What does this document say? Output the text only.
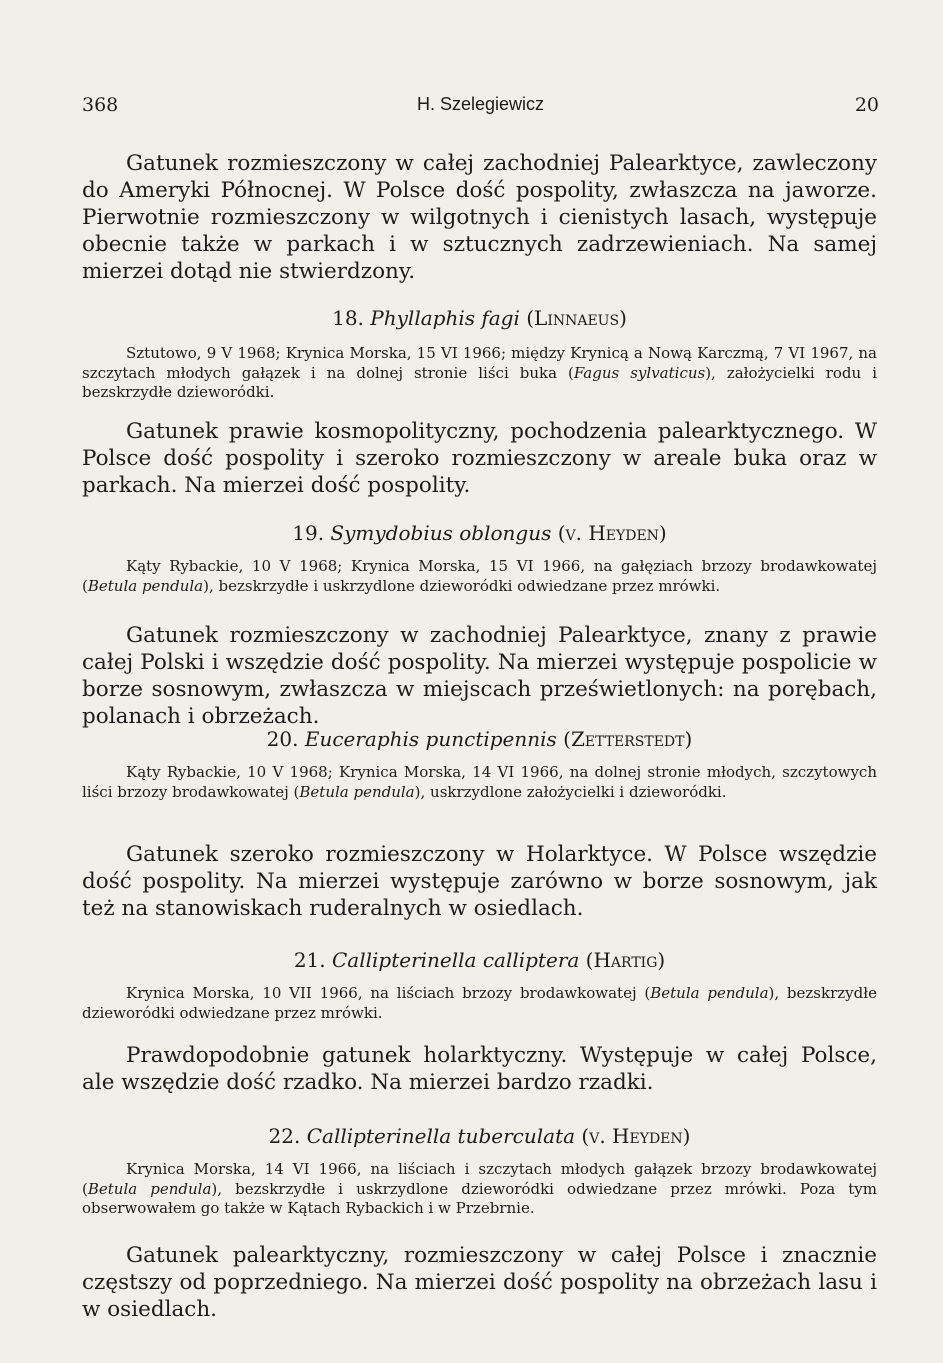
368	H. Szelegiewicz	20

Gatunek rozmieszczony w całej zachodniej Palearktyce, zawleczony do Ameryki Północnej. W Polsce dość pospolity, zwłaszcza na jaworze. Pierwotnie rozmieszczony w wilgotnych i cienistych lasach, występuje obecnie także w parkach i w sztucznych zadrzewieniach. Na samej mierzei dotąd nie stwierdzony.

18. Phyllaphis fagi (Linnaeus)

Sztutowo, 9 V 1968; Krynica Morska, 15 VI 1966; między Krynicą a Nową Karczmą, 7 VI 1967, na szczytach młodych gałązek i na dolnej stronie liści buka (Fagus sylvaticus), założycielki rodu i bezskrzydłe dzieworódki.

Gatunek prawie kosmopolityczny, pochodzenia palearktycznego. W Polsce dość pospolity i szeroko rozmieszczony w areale buka oraz w parkach. Na mierzei dość pospolity.

19. Symydobius oblongus (v. Heyden)

Kąty Rybackie, 10 V 1968; Krynica Morska, 15 VI 1966, na gałęziach brzozy brodawkowatej (Betula pendula), bezskrzydłe i uskrzydlone dzieworódki odwiedzane przez mrówki.

Gatunek rozmieszczony w zachodniej Palearktyce, znany z prawie całej Polski i wszędzie dość pospolity. Na mierzei występuje pospolicie w borze sosnowym, zwłaszcza w miejscach prześwietlonych: na porębach, polanach i obrzeżach.

20. Euceraphis punctipennis (Zetterstedt)

Kąty Rybackie, 10 V 1968; Krynica Morska, 14 VI 1966, na dolnej stronie młodych, szczytowych liści brzozy brodawkowatej (Betula pendula), uskrzydlone założycielki i dzieworódki.

Gatunek szeroko rozmieszczony w Holarktyce. W Polsce wszędzie dość pospolity. Na mierzei występuje zarówno w borze sosnowym, jak też na stanowiskach ruderalnych w osiedlach.

21. Callipterinella calliptera (Hartig)

Krynica Morska, 10 VII 1966, na liściach brzozy brodawkowatej (Betula pendula), bezskrzydłe dzieworódki odwiedzane przez mrówki.

Prawdopodobnie gatunek holarktyczny. Występuje w całej Polsce, ale wszędzie dość rzadko. Na mierzei bardzo rzadki.

22. Callipterinella tuberculata (v. Heyden)

Krynica Morska, 14 VI 1966, na liściach i szczytach młodych gałązek brzozy brodawkowatej (Betula pendula), bezskrzydłe i uskrzydlone dzieworódki odwiedzane przez mrówki. Poza tym obserwowałem go także w Kątach Rybackich i w Przebrnie.

Gatunek palearktyczny, rozmieszczony w całej Polsce i znacznie częstszy od poprzedniego. Na mierzei dość pospolity na obrzeżach lasu i w osiedlach.
